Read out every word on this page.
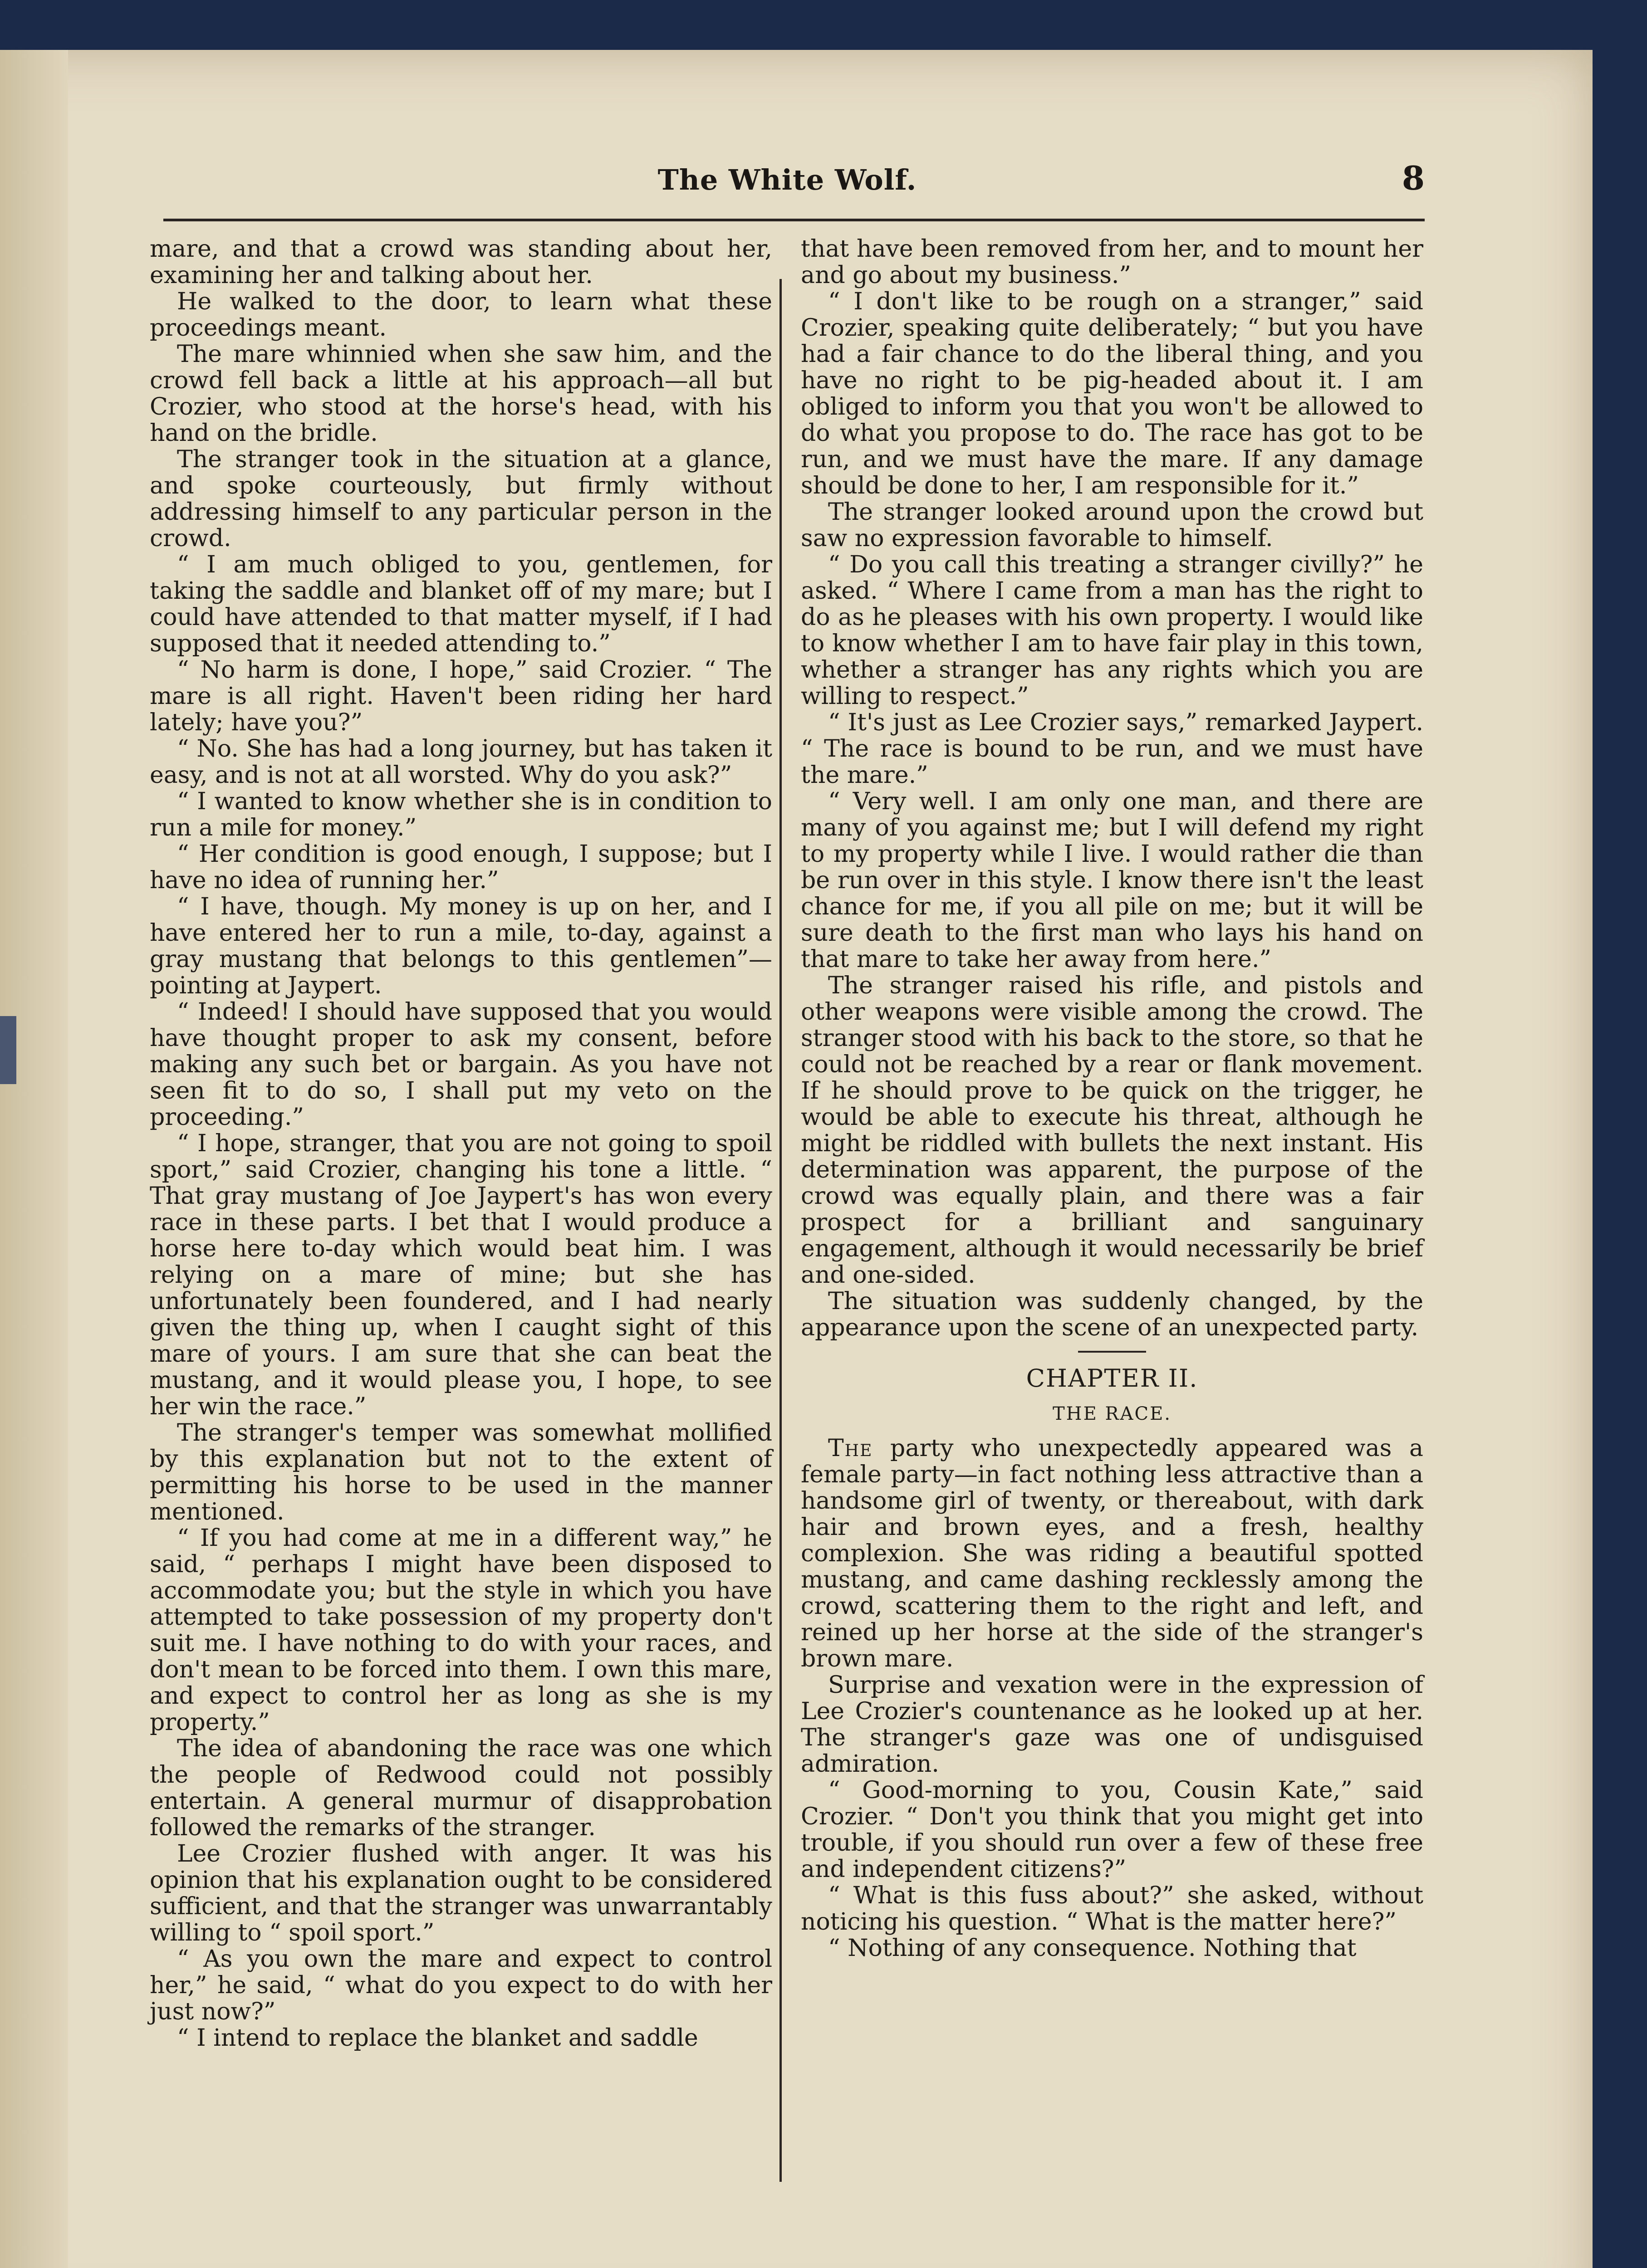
The White Wolf.	8

mare, and that a crowd was standing about her, examining her and talking about her.

He walked to the door, to learn what these proceedings meant.

The mare whinnied when she saw him, and the crowd fell back a little at his approach—all but Crozier, who stood at the horse's head, with his hand on the bridle.

The stranger took in the situation at a glance, and spoke courteously, but firmly without addressing himself to any particular person in the crowd.

“ I am much obliged to you, gentlemen, for taking the saddle and blanket off of my mare; but I could have attended to that matter myself, if I had supposed that it needed attending to.”

“ No harm is done, I hope,” said Crozier. “ The mare is all right. Haven't been riding her hard lately; have you?”

“ No. She has had a long journey, but has taken it easy, and is not at all worsted. Why do you ask?”

“ I wanted to know whether she is in condition to run a mile for money.”

“ Her condition is good enough, I suppose; but I have no idea of running her.”

“ I have, though. My money is up on her, and I have entered her to run a mile, to-day, against a gray mustang that belongs to this gentlemen”—pointing at Jaypert.

“ Indeed! I should have supposed that you would have thought proper to ask my consent, before making any such bet or bargain. As you have not seen fit to do so, I shall put my veto on the proceeding.”

“ I hope, stranger, that you are not going to spoil sport,” said Crozier, changing his tone a little. “ That gray mustang of Joe Jaypert's has won every race in these parts. I bet that I would produce a horse here to-day which would beat him. I was relying on a mare of mine; but she has unfortunately been foundered, and I had nearly given the thing up, when I caught sight of this mare of yours. I am sure that she can beat the mustang, and it would please you, I hope, to see her win the race.”

The stranger's temper was somewhat mollified by this explanation but not to the extent of permitting his horse to be used in the manner mentioned.

“ If you had come at me in a different way,” he said, “ perhaps I might have been disposed to accommodate you; but the style in which you have attempted to take possession of my property don't suit me. I have nothing to do with your races, and don't mean to be forced into them. I own this mare, and expect to control her as long as she is my property.”

The idea of abandoning the race was one which the people of Redwood could not possibly entertain. A general murmur of disapprobation followed the remarks of the stranger.

Lee Crozier flushed with anger. It was his opinion that his explanation ought to be considered sufficient, and that the stranger was unwarrantably willing to “ spoil sport.”

“ As you own the mare and expect to control her,” he said, “ what do you expect to do with her just now?”

“ I intend to replace the blanket and saddle

that have been removed from her, and to mount her and go about my business.”

“ I don't like to be rough on a stranger,” said Crozier, speaking quite deliberately; “ but you have had a fair chance to do the liberal thing, and you have no right to be pig-headed about it. I am obliged to inform you that you won't be allowed to do what you propose to do. The race has got to be run, and we must have the mare. If any damage should be done to her, I am responsible for it.”

The stranger looked around upon the crowd but saw no expression favorable to himself.

“ Do you call this treating a stranger civilly?” he asked. “ Where I came from a man has the right to do as he pleases with his own property. I would like to know whether I am to have fair play in this town, whether a stranger has any rights which you are willing to respect.”

“ It's just as Lee Crozier says,” remarked Jaypert. “ The race is bound to be run, and we must have the mare.”

“ Very well. I am only one man, and there are many of you against me; but I will defend my right to my property while I live. I would rather die than be run over in this style. I know there isn't the least chance for me, if you all pile on me; but it will be sure death to the first man who lays his hand on that mare to take her away from here.”

The stranger raised his rifle, and pistols and other weapons were visible among the crowd. The stranger stood with his back to the store, so that he could not be reached by a rear or flank movement. If he should prove to be quick on the trigger, he would be able to execute his threat, although he might be riddled with bullets the next instant. His determination was apparent, the purpose of the crowd was equally plain, and there was a fair prospect for a brilliant and sanguinary engagement, although it would necessarily be brief and one-sided.

The situation was suddenly changed, by the appearance upon the scene of an unexpected party.

CHAPTER II.
THE RACE.

The party who unexpectedly appeared was a female party—in fact nothing less attractive than a handsome girl of twenty, or thereabout, with dark hair and brown eyes, and a fresh, healthy complexion. She was riding a beautiful spotted mustang, and came dashing recklessly among the crowd, scattering them to the right and left, and reined up her horse at the side of the stranger's brown mare.

Surprise and vexation were in the expression of Lee Crozier's countenance as he looked up at her. The stranger's gaze was one of undisguised admiration.

“ Good-morning to you, Cousin Kate,” said Crozier. “ Don't you think that you might get into trouble, if you should run over a few of these free and independent citizens?”

“ What is this fuss about?” she asked, without noticing his question. “ What is the matter here?”

“ Nothing of any consequence. Nothing that
